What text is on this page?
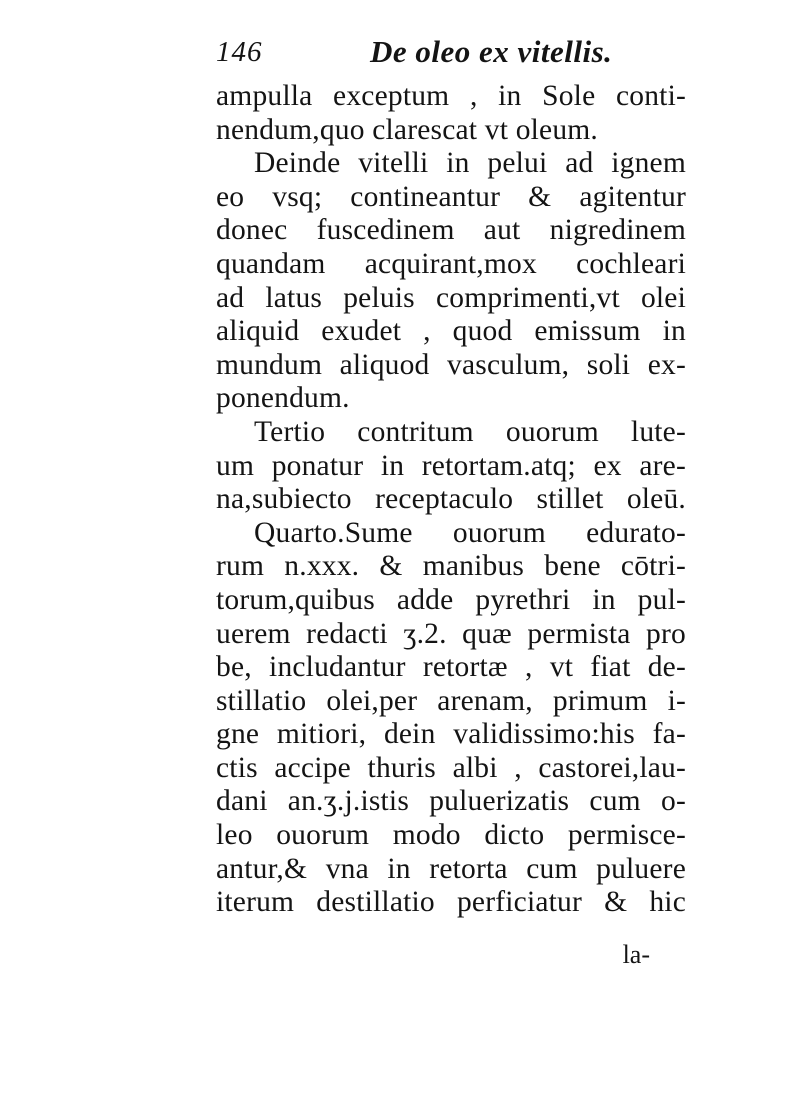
146	De oleo ex vitellis.
ampulla exceptum , in Sole conti-
nendum,quo clarescat vt oleum.
Deinde vitelli in pelui ad ignem
eo vsq; contineantur & agitentur
donec fuscedinem aut nigredinem
quandam acquirant,mox cochleari
ad latus peluis comprimenti,vt olei
aliquid exudet , quod emissum in
mundum aliquod vasculum, soli ex-
ponendum.
Tertio contritum ouorum lute-
um ponatur in retortam.atq; ex are-
na,subiecto receptaculo stillet oleū.
Quarto.Sume ouorum edurato-
rum n.xxx. & manibus bene cōtri-
torum,quibus adde pyrethri in pul-
uerem redacti ʒ.2. quæ permista pro
be, includantur retortæ , vt fiat de-
stillatio olei,per arenam, primum i-
gne mitiori, dein validissimo:his fa-
ctis accipe thuris albi , castorei,lau-
dani an.ʒ.j.istis puluerizatis cum o-
leo ouorum modo dicto permisce-
antur,& vna in retorta cum puluere
iterum destillatio perficiatur & hic
la-
